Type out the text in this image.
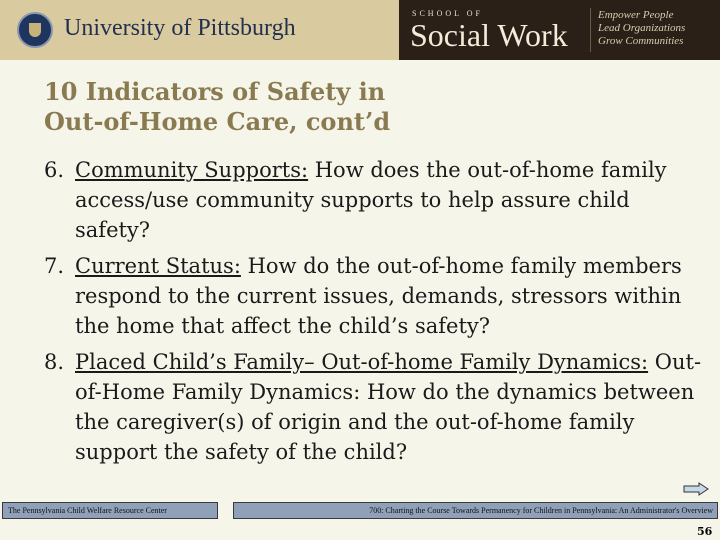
University of Pittsburgh
SCHOOL OF
Social Work
Empower People
Lead Organizations
Grow Communities
10 Indicators of Safety in
Out-of-Home Care, cont’d
6. Community Supports: How does the out-of-home family access/use community supports to help assure child safety?
7. Current Status: How do the out-of-home family members respond to the current issues, demands, stressors within the home that affect the child’s safety?
8. Placed Child’s Family– Out-of-home Family Dynamics: Out-of-Home Family Dynamics: How do the dynamics between the caregiver(s) of origin and the out-of-home family support the safety of the child?
The Pennsylvania Child Welfare Resource Center	700: Charting the Course Towards Permanency for Children in Pennsylvania: An Administrator's Overview
56
